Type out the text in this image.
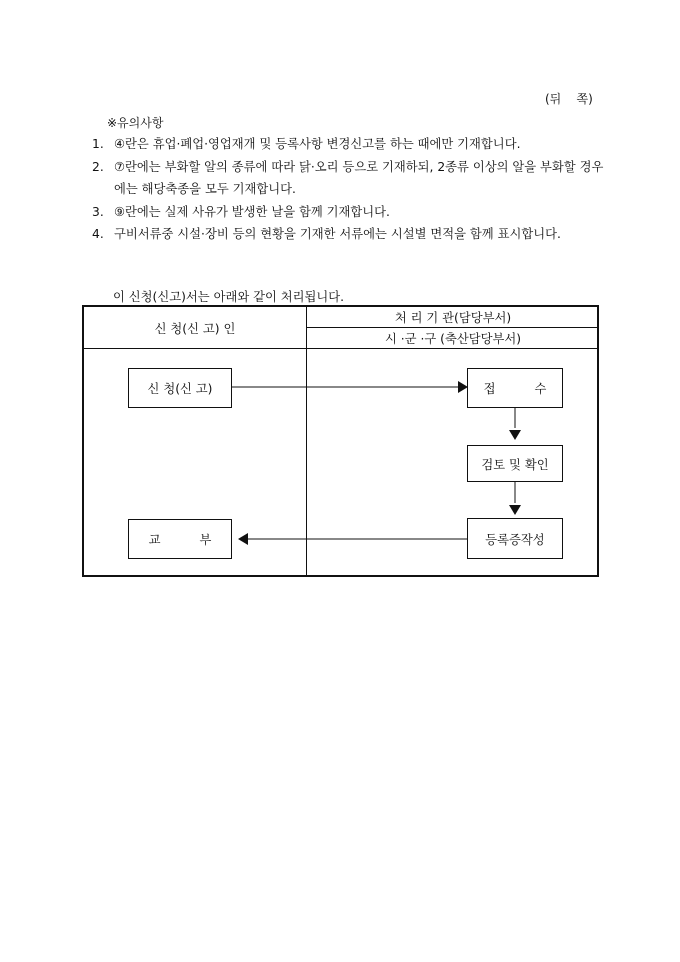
(뒤    쪽)
※유의사항
1. ④란은 휴업·폐업·영업재개 및 등록사항 변경신고를 하는 때에만 기재합니다.
2. ⑦란에는 부화할 알의 종류에 따라 닭·오리 등으로 기재하되, 2종류 이상의 알을 부화할 경우에는 해당축종을 모두 기재합니다.
3. ⑨란에는 실제 사유가 발생한 날을 함께 기재합니다.
4. 구비서류중 시설·장비 등의 현황을 기재한 서류에는 시설별 면적을 함께 표시합니다.
이 신청(신고)서는 아래와 같이 처리됩니다.
신 청(신 고) 인
처 리 기 관(담당부서)
시 ·군 ·구 (축산담당부서)
신 청(신 고)	접          수
검토 및 확인
등록증작성
교          부
